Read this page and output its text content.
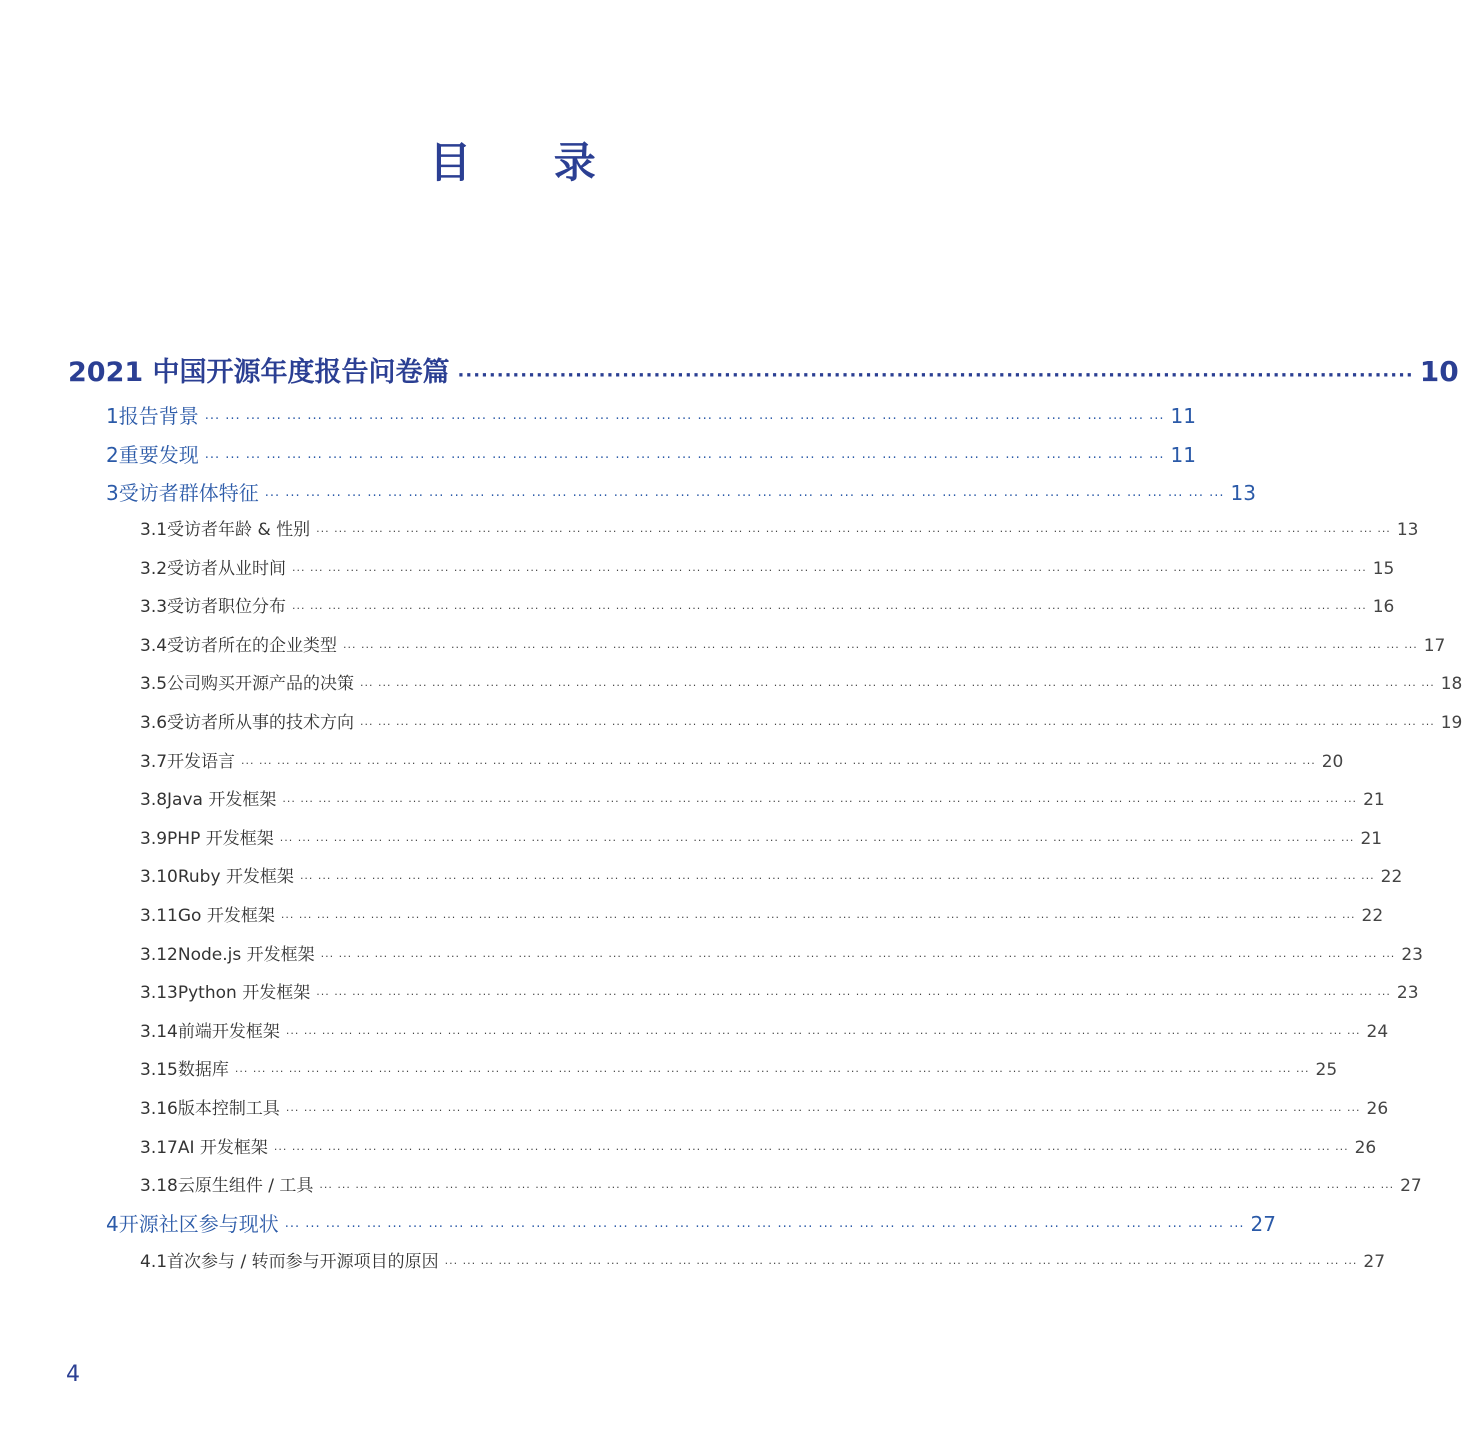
目 录
2021 中国开源年度报告问卷篇 ·························································································································· 10
1 报告背景 ··· ··· ··· ··· ··· ··· ··· ··· ··· ··· ··· ··· ··· ··· ··· ··· ··· ··· ··· ··· ··· ··· ··· ··· ··· ··· ··· ··· ··· ··· ··· ··· ··· ··· ··· ··· ··· ··· ··· ··· ··· ··· ··· ··· ··· ··· ··· 11
2 重要发现 ··· ··· ··· ··· ··· ··· ··· ··· ··· ··· ··· ··· ··· ··· ··· ··· ··· ··· ··· ··· ··· ··· ··· ··· ··· ··· ··· ··· ··· ··· ··· ··· ··· ··· ··· ··· ··· ··· ··· ··· ··· ··· ··· ··· ··· ··· ··· 11
3 受访者群体特征 ··· ··· ··· ··· ··· ··· ··· ··· ··· ··· ··· ··· ··· ··· ··· ··· ··· ··· ··· ··· ··· ··· ··· ··· ··· ··· ··· ··· ··· ··· ··· ··· ··· ··· ··· ··· ··· ··· ··· ··· ··· ··· ··· ··· ··· ··· ··· 13
3.1 受访者年龄 & 性别 ··· ··· ··· ··· ··· ··· ··· ··· ··· ··· ··· ··· ··· ··· ··· ··· ··· ··· ··· ··· ··· ··· ··· ··· ··· ··· ··· ··· ··· ··· ··· ··· ··· ··· ··· ··· ··· ··· ··· ··· ··· ··· ··· ··· ··· ··· ··· ··· ··· ··· ··· ··· ··· ··· ··· ··· ··· ··· ··· ··· 13
3.2 受访者从业时间 ··· ··· ··· ··· ··· ··· ··· ··· ··· ··· ··· ··· ··· ··· ··· ··· ··· ··· ··· ··· ··· ··· ··· ··· ··· ··· ··· ··· ··· ··· ··· ··· ··· ··· ··· ··· ··· ··· ··· ··· ··· ··· ··· ··· ··· ··· ··· ··· ··· ··· ··· ··· ··· ··· ··· ··· ··· ··· ··· ··· 15
3.3 受访者职位分布 ··· ··· ··· ··· ··· ··· ··· ··· ··· ··· ··· ··· ··· ··· ··· ··· ··· ··· ··· ··· ··· ··· ··· ··· ··· ··· ··· ··· ··· ··· ··· ··· ··· ··· ··· ··· ··· ··· ··· ··· ··· ··· ··· ··· ··· ··· ··· ··· ··· ··· ··· ··· ··· ··· ··· ··· ··· ··· ··· ··· 16
3.4 受访者所在的企业类型 ··· ··· ··· ··· ··· ··· ··· ··· ··· ··· ··· ··· ··· ··· ··· ··· ··· ··· ··· ··· ··· ··· ··· ··· ··· ··· ··· ··· ··· ··· ··· ··· ··· ··· ··· ··· ··· ··· ··· ··· ··· ··· ··· ··· ··· ··· ··· ··· ··· ··· ··· ··· ··· ··· ··· ··· ··· ··· ··· ··· 17
3.5 公司购买开源产品的决策 ··· ··· ··· ··· ··· ··· ··· ··· ··· ··· ··· ··· ··· ··· ··· ··· ··· ··· ··· ··· ··· ··· ··· ··· ··· ··· ··· ··· ··· ··· ··· ··· ··· ··· ··· ··· ··· ··· ··· ··· ··· ··· ··· ··· ··· ··· ··· ··· ··· ··· ··· ··· ··· ··· ··· ··· ··· ··· ··· ··· 18
3.6 受访者所从事的技术方向 ··· ··· ··· ··· ··· ··· ··· ··· ··· ··· ··· ··· ··· ··· ··· ··· ··· ··· ··· ··· ··· ··· ··· ··· ··· ··· ··· ··· ··· ··· ··· ··· ··· ··· ··· ··· ··· ··· ··· ··· ··· ··· ··· ··· ··· ··· ··· ··· ··· ··· ··· ··· ··· ··· ··· ··· ··· ··· ··· ··· 19
3.7 开发语言 ··· ··· ··· ··· ··· ··· ··· ··· ··· ··· ··· ··· ··· ··· ··· ··· ··· ··· ··· ··· ··· ··· ··· ··· ··· ··· ··· ··· ··· ··· ··· ··· ··· ··· ··· ··· ··· ··· ··· ··· ··· ··· ··· ··· ··· ··· ··· ··· ··· ··· ··· ··· ··· ··· ··· ··· ··· ··· ··· ··· 20
3.8 Java 开发框架 ··· ··· ··· ··· ··· ··· ··· ··· ··· ··· ··· ··· ··· ··· ··· ··· ··· ··· ··· ··· ··· ··· ··· ··· ··· ··· ··· ··· ··· ··· ··· ··· ··· ··· ··· ··· ··· ··· ··· ··· ··· ··· ··· ··· ··· ··· ··· ··· ··· ··· ··· ··· ··· ··· ··· ··· ··· ··· ··· ··· 21
3.9 PHP 开发框架 ··· ··· ··· ··· ··· ··· ··· ··· ··· ··· ··· ··· ··· ··· ··· ··· ··· ··· ··· ··· ··· ··· ··· ··· ··· ··· ··· ··· ··· ··· ··· ··· ··· ··· ··· ··· ··· ··· ··· ··· ··· ··· ··· ··· ··· ··· ··· ··· ··· ··· ··· ··· ··· ··· ··· ··· ··· ··· ··· ··· 21
3.10 Ruby 开发框架 ··· ··· ··· ··· ··· ··· ··· ··· ··· ··· ··· ··· ··· ··· ··· ··· ··· ··· ··· ··· ··· ··· ··· ··· ··· ··· ··· ··· ··· ··· ··· ··· ··· ··· ··· ··· ··· ··· ··· ··· ··· ··· ··· ··· ··· ··· ··· ··· ··· ··· ··· ··· ··· ··· ··· ··· ··· ··· ··· ··· 22
3.11 Go 开发框架 ··· ··· ··· ··· ··· ··· ··· ··· ··· ··· ··· ··· ··· ··· ··· ··· ··· ··· ··· ··· ··· ··· ··· ··· ··· ··· ··· ··· ··· ··· ··· ··· ··· ··· ··· ··· ··· ··· ··· ··· ··· ··· ··· ··· ··· ··· ··· ··· ··· ··· ··· ··· ··· ··· ··· ··· ··· ··· ··· ··· 22
3.12 Node.js 开发框架 ··· ··· ··· ··· ··· ··· ··· ··· ··· ··· ··· ··· ··· ··· ··· ··· ··· ··· ··· ··· ··· ··· ··· ··· ··· ··· ··· ··· ··· ··· ··· ··· ··· ··· ··· ··· ··· ··· ··· ··· ··· ··· ··· ··· ··· ··· ··· ··· ··· ··· ··· ··· ··· ··· ··· ··· ··· ··· ··· ··· 23
3.13 Python 开发框架 ··· ··· ··· ··· ··· ··· ··· ··· ··· ··· ··· ··· ··· ··· ··· ··· ··· ··· ··· ··· ··· ··· ··· ··· ··· ··· ··· ··· ··· ··· ··· ··· ··· ··· ··· ··· ··· ··· ··· ··· ··· ··· ··· ··· ··· ··· ··· ··· ··· ··· ··· ··· ··· ··· ··· ··· ··· ··· ··· ··· 23
3.14 前端开发框架 ··· ··· ··· ··· ··· ··· ··· ··· ··· ··· ··· ··· ··· ··· ··· ··· ··· ··· ··· ··· ··· ··· ··· ··· ··· ··· ··· ··· ··· ··· ··· ··· ··· ··· ··· ··· ··· ··· ··· ··· ··· ··· ··· ··· ··· ··· ··· ··· ··· ··· ··· ··· ··· ··· ··· ··· ··· ··· ··· ··· 24
3.15 数据库 ··· ··· ··· ··· ··· ··· ··· ··· ··· ··· ··· ··· ··· ··· ··· ··· ··· ··· ··· ··· ··· ··· ··· ··· ··· ··· ··· ··· ··· ··· ··· ··· ··· ··· ··· ··· ··· ··· ··· ··· ··· ··· ··· ··· ··· ··· ··· ··· ··· ··· ··· ··· ··· ··· ··· ··· ··· ··· ··· ··· 25
3.16 版本控制工具 ··· ··· ··· ··· ··· ··· ··· ··· ··· ··· ··· ··· ··· ··· ··· ··· ··· ··· ··· ··· ··· ··· ··· ··· ··· ··· ··· ··· ··· ··· ··· ··· ··· ··· ··· ··· ··· ··· ··· ··· ··· ··· ··· ··· ··· ··· ··· ··· ··· ··· ··· ··· ··· ··· ··· ··· ··· ··· ··· ··· 26
3.17 AI 开发框架 ··· ··· ··· ··· ··· ··· ··· ··· ··· ··· ··· ··· ··· ··· ··· ··· ··· ··· ··· ··· ··· ··· ··· ··· ··· ··· ··· ··· ··· ··· ··· ··· ··· ··· ··· ··· ··· ··· ··· ··· ··· ··· ··· ··· ··· ··· ··· ··· ··· ··· ··· ··· ··· ··· ··· ··· ··· ··· ··· ··· 26
3.18 云原生组件 / 工具 ··· ··· ··· ··· ··· ··· ··· ··· ··· ··· ··· ··· ··· ··· ··· ··· ··· ··· ··· ··· ··· ··· ··· ··· ··· ··· ··· ··· ··· ··· ··· ··· ··· ··· ··· ··· ··· ··· ··· ··· ··· ··· ··· ··· ··· ··· ··· ··· ··· ··· ··· ··· ··· ··· ··· ··· ··· ··· ··· ··· 27
4 开源社区参与现状 ··· ··· ··· ··· ··· ··· ··· ··· ··· ··· ··· ··· ··· ··· ··· ··· ··· ··· ··· ··· ··· ··· ··· ··· ··· ··· ··· ··· ··· ··· ··· ··· ··· ··· ··· ··· ··· ··· ··· ··· ··· ··· ··· ··· ··· ··· ··· 27
4.1 首次参与 / 转而参与开源项目的原因 ··· ··· ··· ··· ··· ··· ··· ··· ··· ··· ··· ··· ··· ··· ··· ··· ··· ··· ··· ··· ··· ··· ··· ··· ··· ··· ··· ··· ··· ··· ··· ··· ··· ··· ··· ··· ··· ··· ··· ··· ··· ··· ··· ··· ··· ··· ··· ··· ··· ··· ··· 27
4
